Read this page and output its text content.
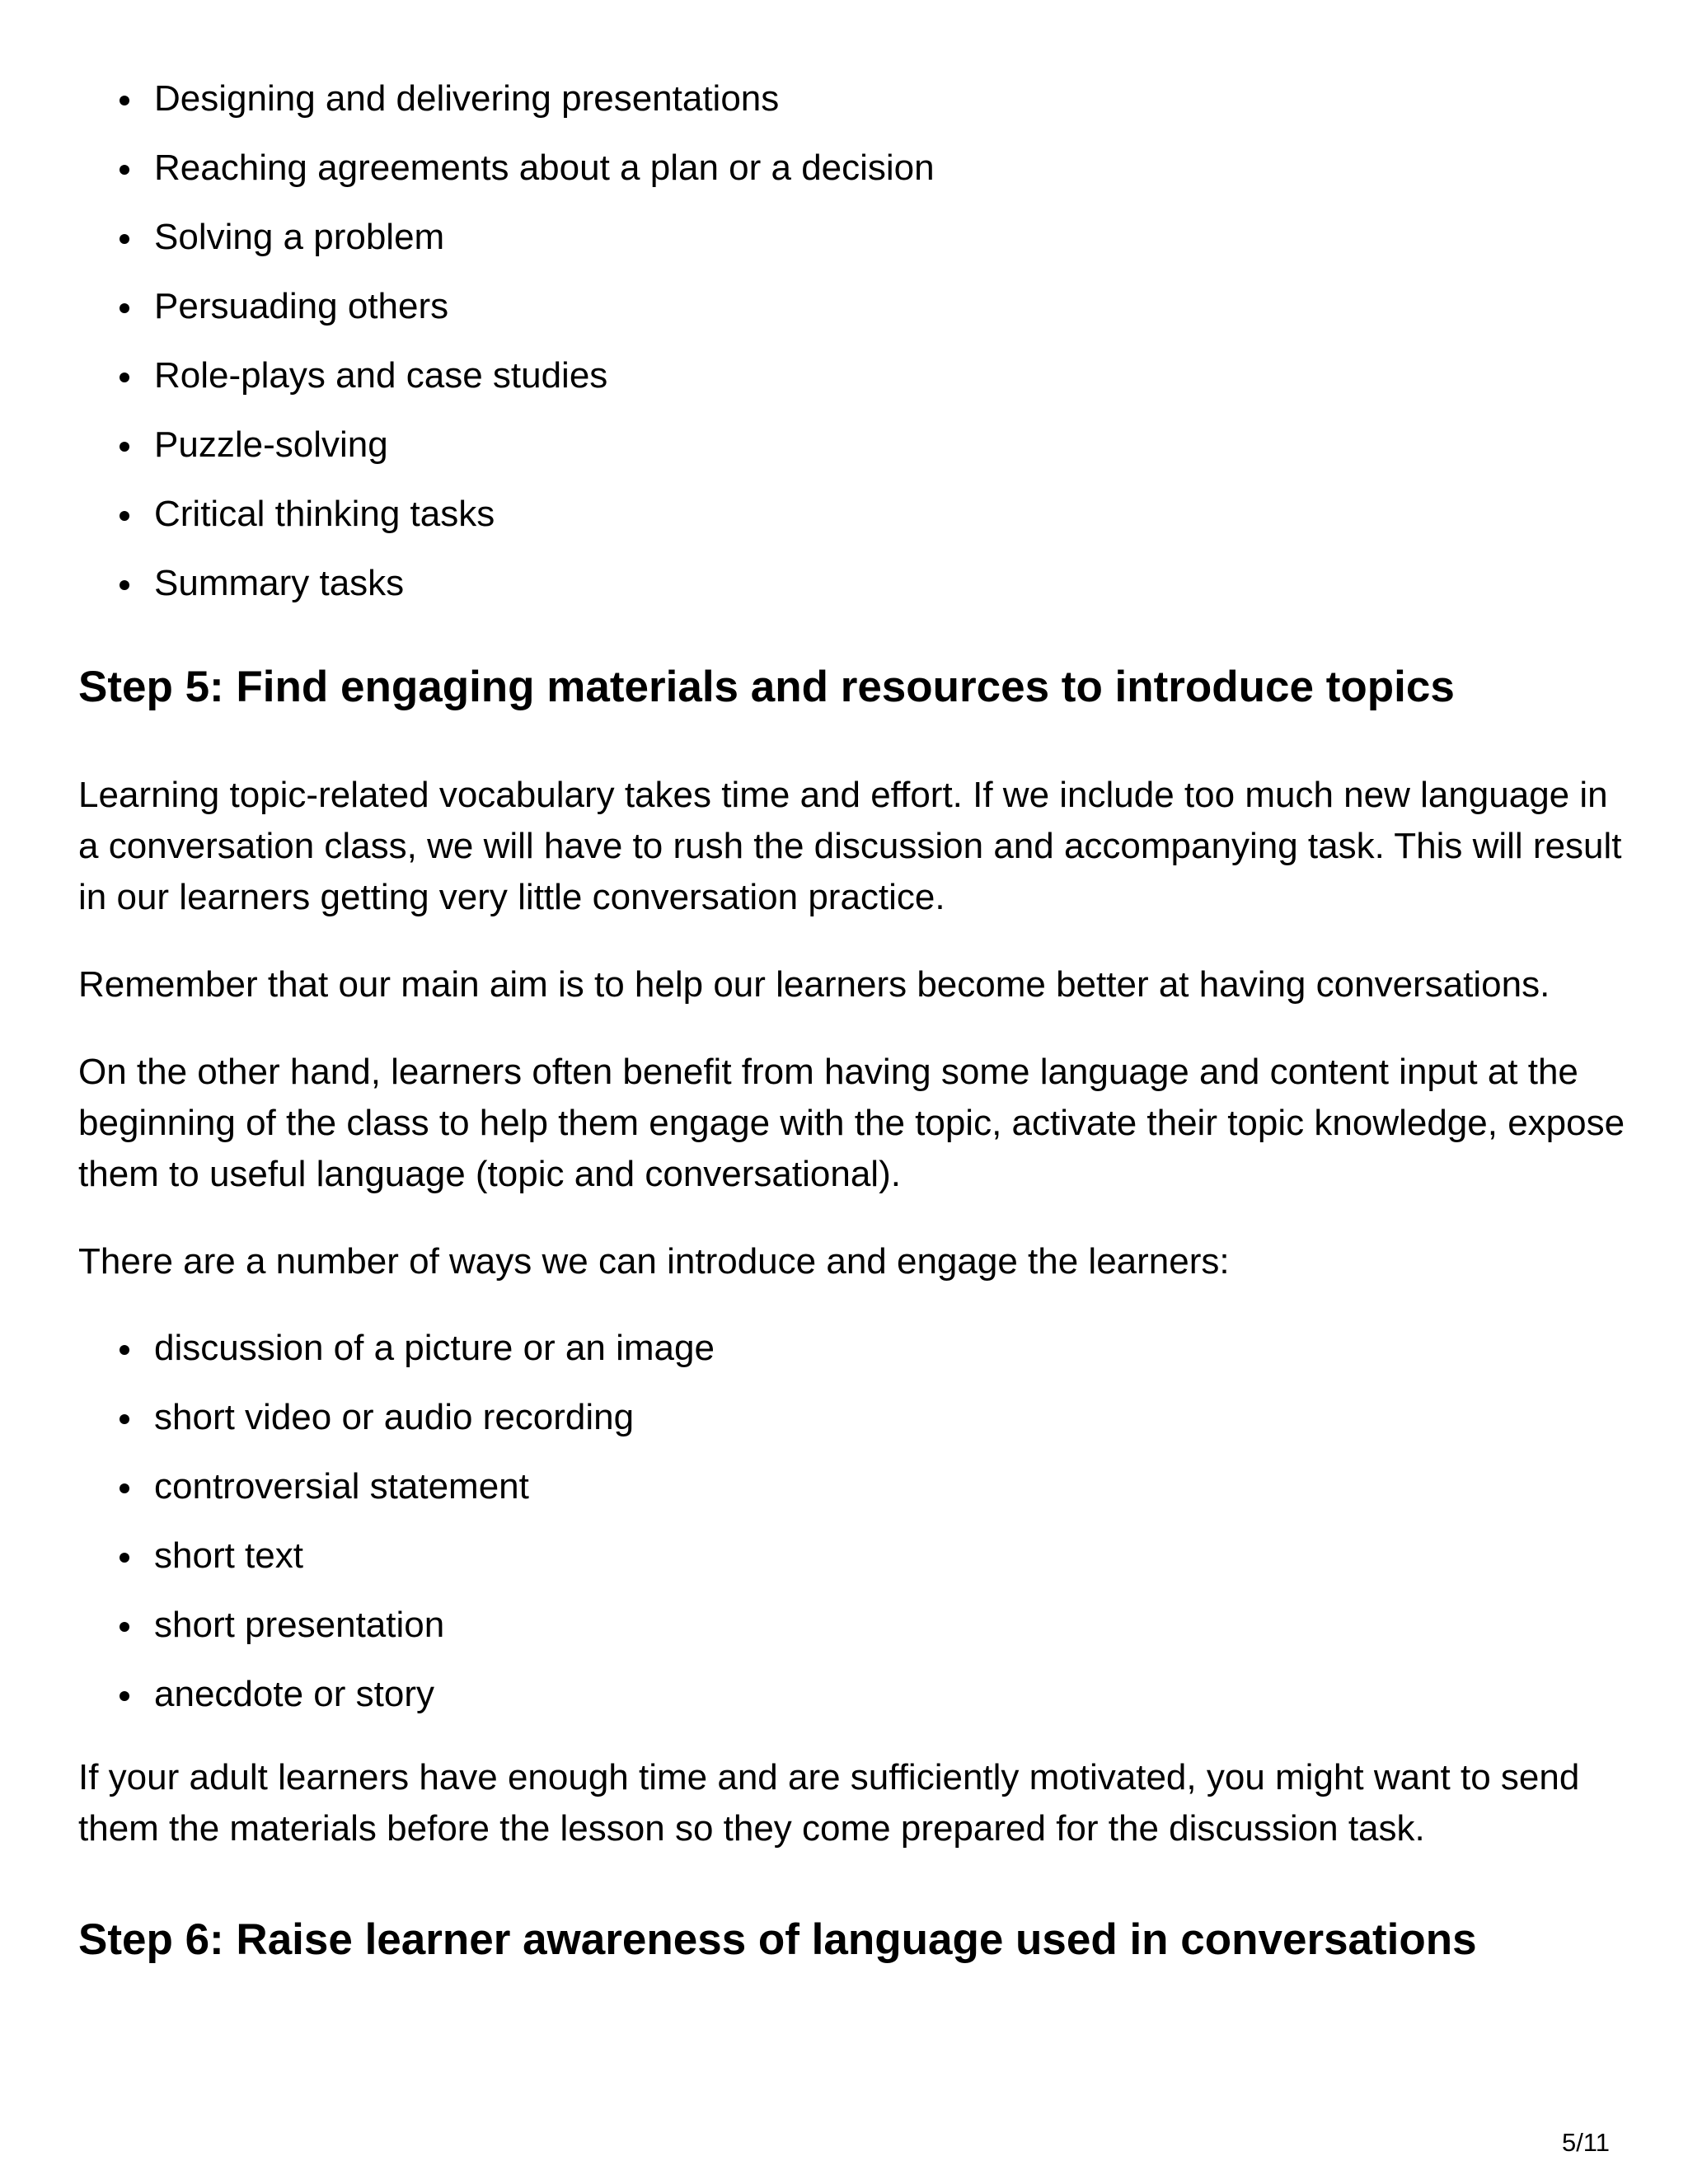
Designing and delivering presentations
Reaching agreements about a plan or a decision
Solving a problem
Persuading others
Role-plays and case studies
Puzzle-solving
Critical thinking tasks
Summary tasks
Step 5: Find engaging materials and resources to introduce topics

Learning topic-related vocabulary takes time and effort. If we include too much new language in a conversation class, we will have to rush the discussion and accompanying task. This will result in our learners getting very little conversation practice.

Remember that our main aim is to help our learners become better at having conversations.

On the other hand, learners often benefit from having some language and content input at the beginning of the class to help them engage with the topic, activate their topic knowledge, expose them to useful language (topic and conversational).

There are a number of ways we can introduce and engage the learners:

discussion of a picture or an image
short video or audio recording
controversial statement
short text
short presentation
anecdote or story

If your adult learners have enough time and are sufficiently motivated, you might want to send them the materials before the lesson so they come prepared for the discussion task.

Step 6: Raise learner awareness of language used in conversations
5/11
